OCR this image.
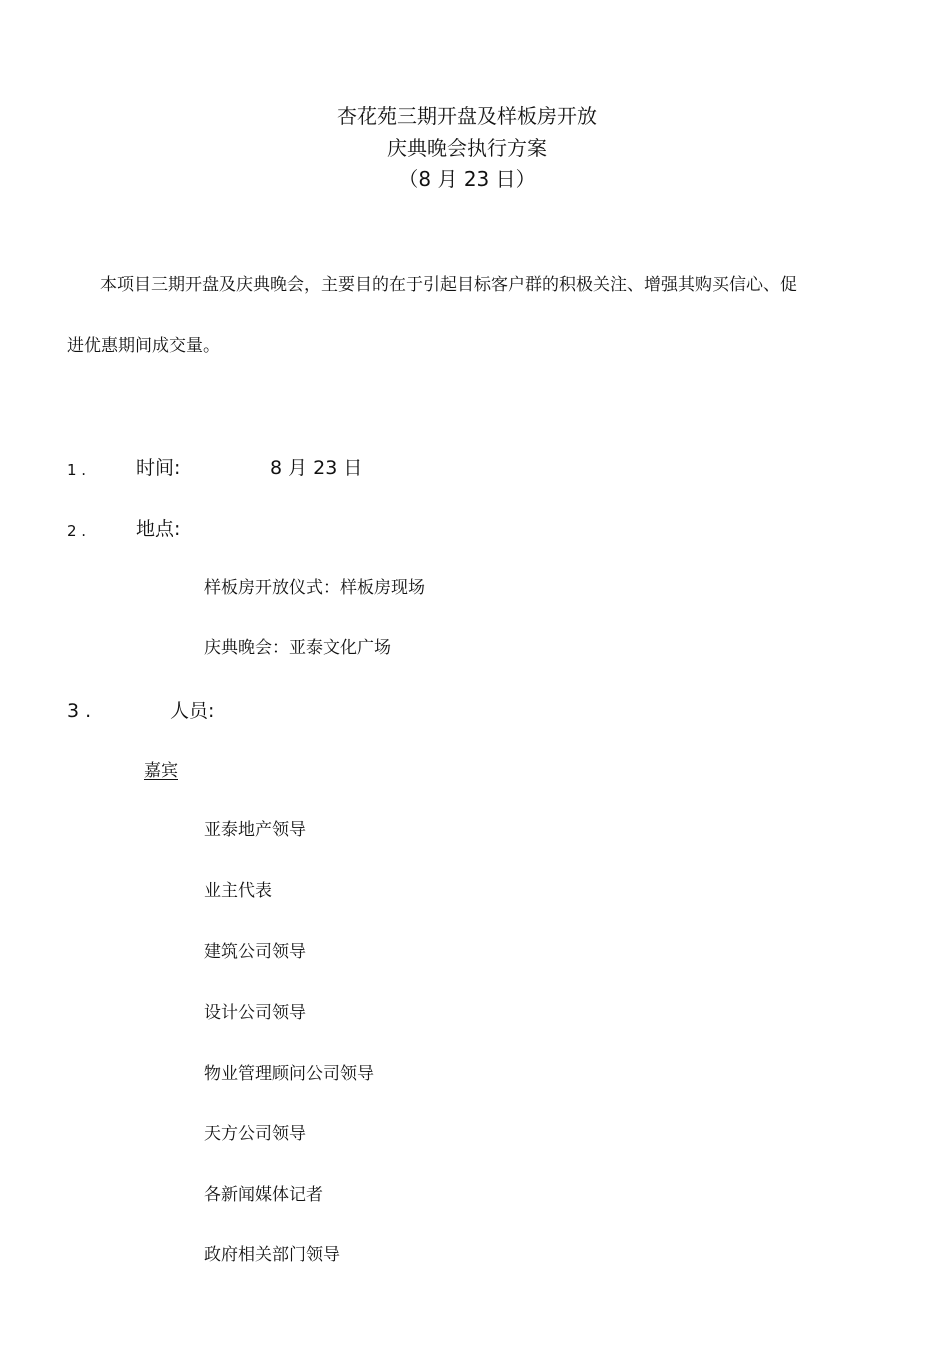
杏花苑三期开盘及样板房开放
庆典晚会执行方案
（8 月 23 日）
本项目三期开盘及庆典晚会，主要目的在于引起目标客户群的积极关注、增强其购买信心、促
进优惠期间成交量。
1 .	时间:	8 月 23 日
2 .	地点:
样板房开放仪式：样板房现场
庆典晚会：亚泰文化广场
3 .	人员:
嘉宾
亚泰地产领导
业主代表
建筑公司领导
设计公司领导
物业管理顾问公司领导
天方公司领导
各新闻媒体记者
政府相关部门领导
